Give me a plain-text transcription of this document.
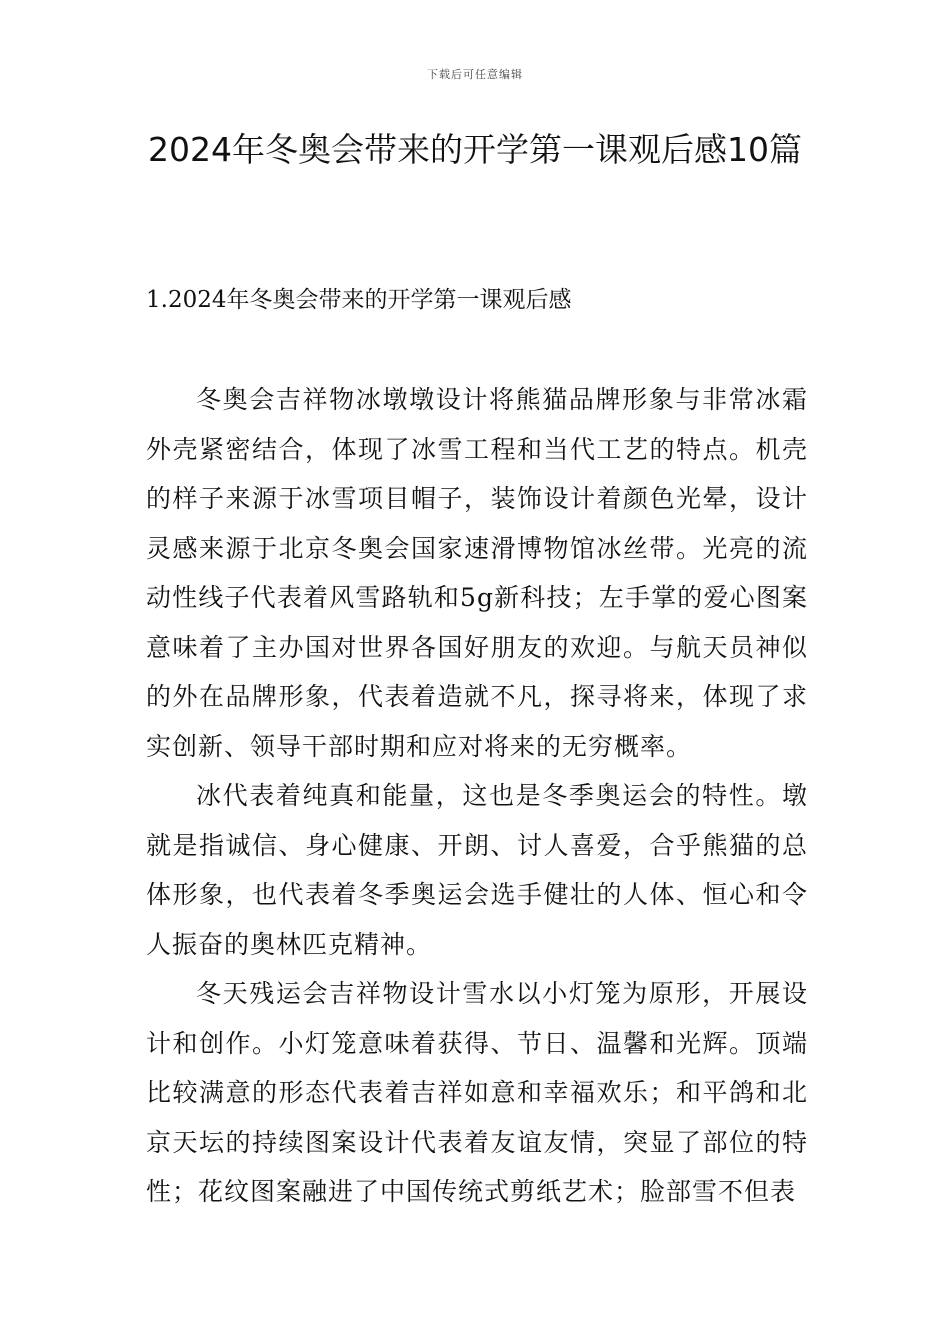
下载后可任意编辑
2024年冬奥会带来的开学第一课观后感10篇
1.2024年冬奥会带来的开学第一课观后感

冬奥会吉祥物冰墩墩设计将熊猫品牌形象与非常冰霜外壳紧密结合，体现了冰雪工程和当代工艺的特点。机壳的样子来源于冰雪项目帽子，装饰设计着颜色光晕，设计灵感来源于北京冬奥会国家速滑博物馆冰丝带。光亮的流动性线子代表着风雪路轨和5g新科技；左手掌的爱心图案意味着了主办国对世界各国好朋友的欢迎。与航天员神似的外在品牌形象，代表着造就不凡，探寻将来，体现了求实创新、领导干部时期和应对将来的无穷概率。

冰代表着纯真和能量，这也是冬季奥运会的特性。墩就是指诚信、身心健康、开朗、讨人喜爱，合乎熊猫的总体形象，也代表着冬季奥运会选手健壮的人体、恒心和令人振奋的奥林匹克精神。

冬天残运会吉祥物设计雪水以小灯笼为原形，开展设计和创作。小灯笼意味着获得、节日、温馨和光辉。顶端比较满意的形态代表着吉祥如意和幸福欢乐；和平鸽和北京天坛的持续图案设计代表着友谊友情，突显了部位的特性；花纹图案融进了中国传统式剪纸艺术；脸部雪不但表
